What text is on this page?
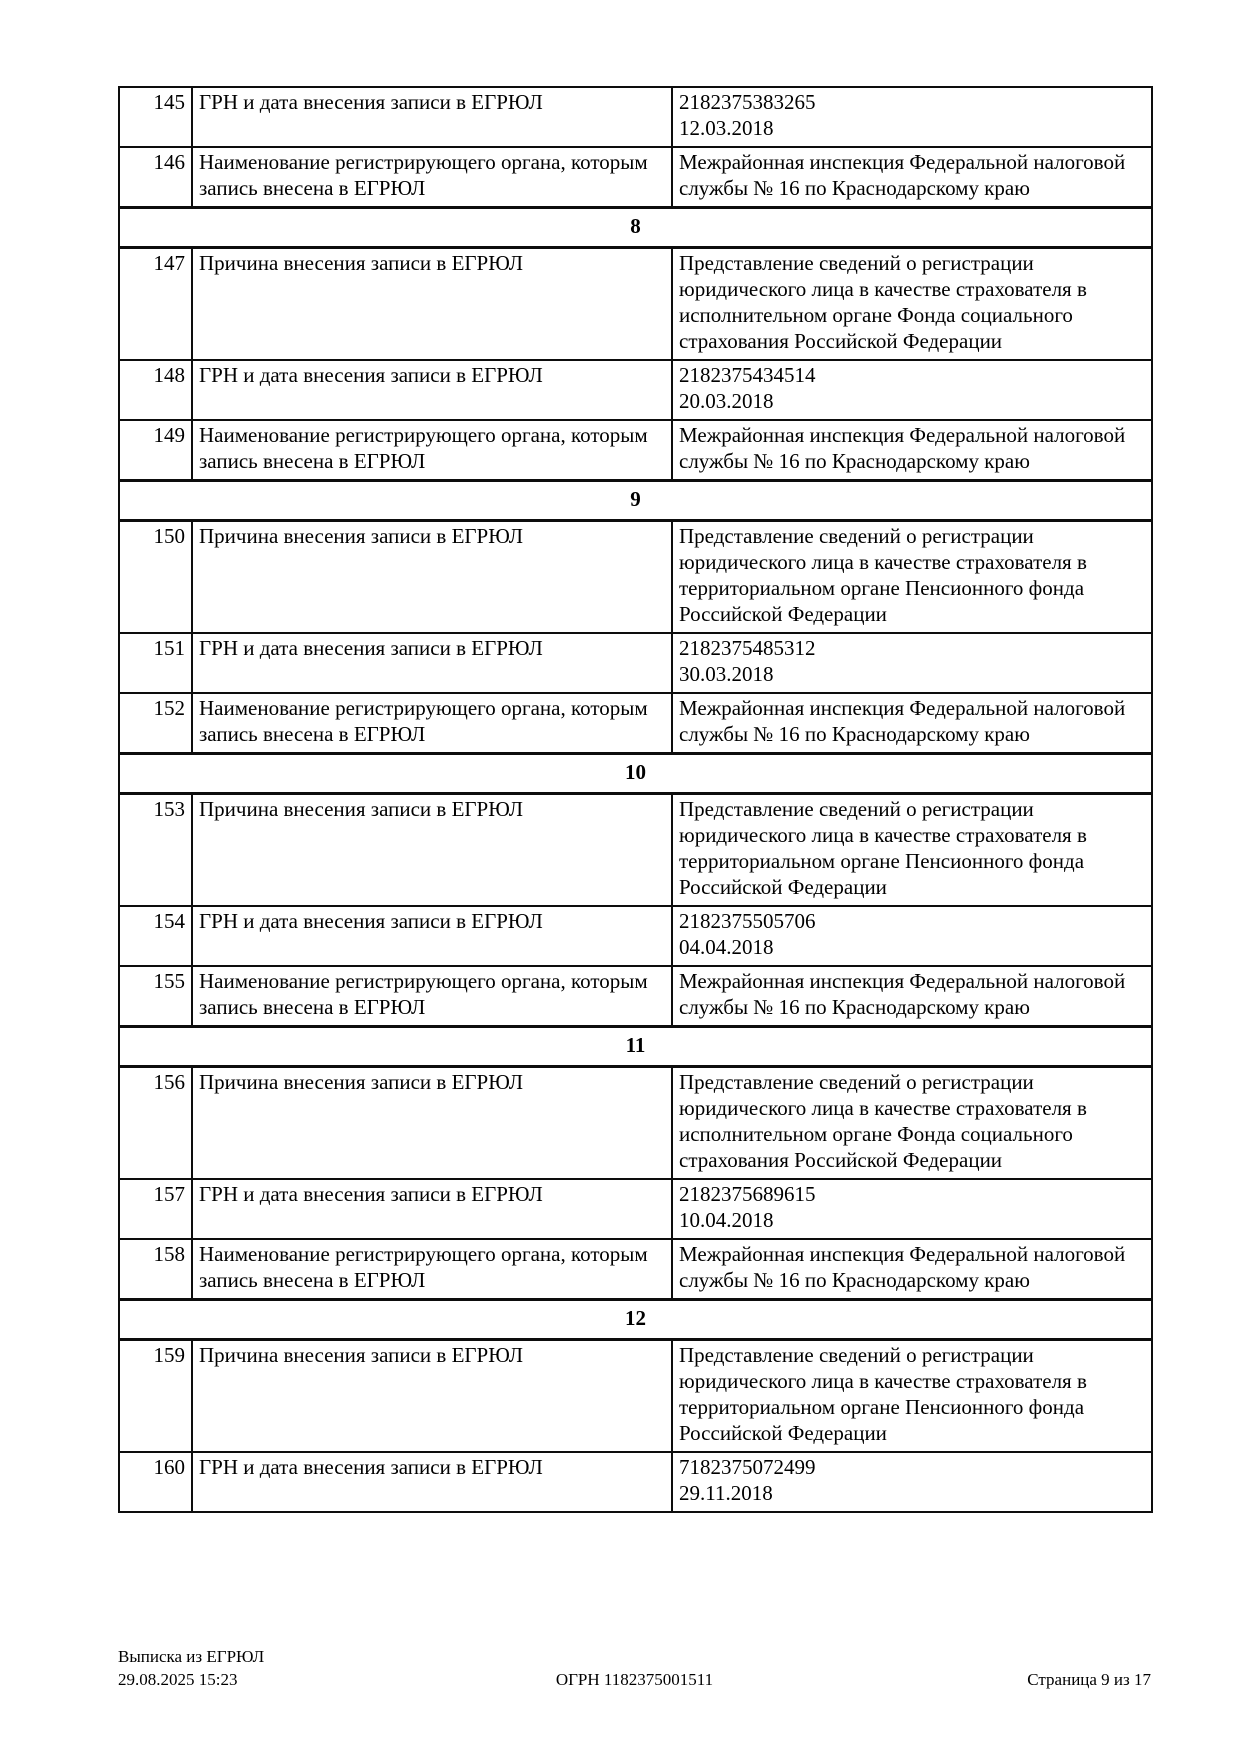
145	ГРН и дата внесения записи в ЕГРЮЛ	2182375383265
12.03.2018

146	Наименование регистрирующего органа, которым запись внесена в ЕГРЮЛ	Межрайонная инспекция Федеральной налоговой службы № 16 по Краснодарскому краю

8		
147	Причина внесения записи в ЕГРЮЛ	Представление сведений о регистрации юридического лица в качестве страхователя в исполнительном органе Фонда социального страхования Российской Федерации

148	ГРН и дата внесения записи в ЕГРЮЛ	2182375434514
20.03.2018

149	Наименование регистрирующего органа, которым запись внесена в ЕГРЮЛ	Межрайонная инспекция Федеральной налоговой службы № 16 по Краснодарскому краю

9		
150	Причина внесения записи в ЕГРЮЛ	Представление сведений о регистрации юридического лица в качестве страхователя в территориальном органе Пенсионного фонда Российской Федерации

151	ГРН и дата внесения записи в ЕГРЮЛ	2182375485312
30.03.2018

152	Наименование регистрирующего органа, которым запись внесена в ЕГРЮЛ	Межрайонная инспекция Федеральной налоговой службы № 16 по Краснодарскому краю

10		
153	Причина внесения записи в ЕГРЮЛ	Представление сведений о регистрации юридического лица в качестве страхователя в территориальном органе Пенсионного фонда Российской Федерации

154	ГРН и дата внесения записи в ЕГРЮЛ	2182375505706
04.04.2018

155	Наименование регистрирующего органа, которым запись внесена в ЕГРЮЛ	Межрайонная инспекция Федеральной налоговой службы № 16 по Краснодарскому краю

11		
156	Причина внесения записи в ЕГРЮЛ	Представление сведений о регистрации юридического лица в качестве страхователя в исполнительном органе Фонда социального страхования Российской Федерации

157	ГРН и дата внесения записи в ЕГРЮЛ	2182375689615
10.04.2018

158	Наименование регистрирующего органа, которым запись внесена в ЕГРЮЛ	Межрайонная инспекция Федеральной налоговой службы № 16 по Краснодарскому краю

12		
159	Причина внесения записи в ЕГРЮЛ	Представление сведений о регистрации юридического лица в качестве страхователя в территориальном органе Пенсионного фонда Российской Федерации

160	ГРН и дата внесения записи в ЕГРЮЛ	7182375072499
29.11.2018
Выписка из ЕГРЮЛ
29.08.2025 15:23	ОГРН 1182375001511	Страница 9 из 17
